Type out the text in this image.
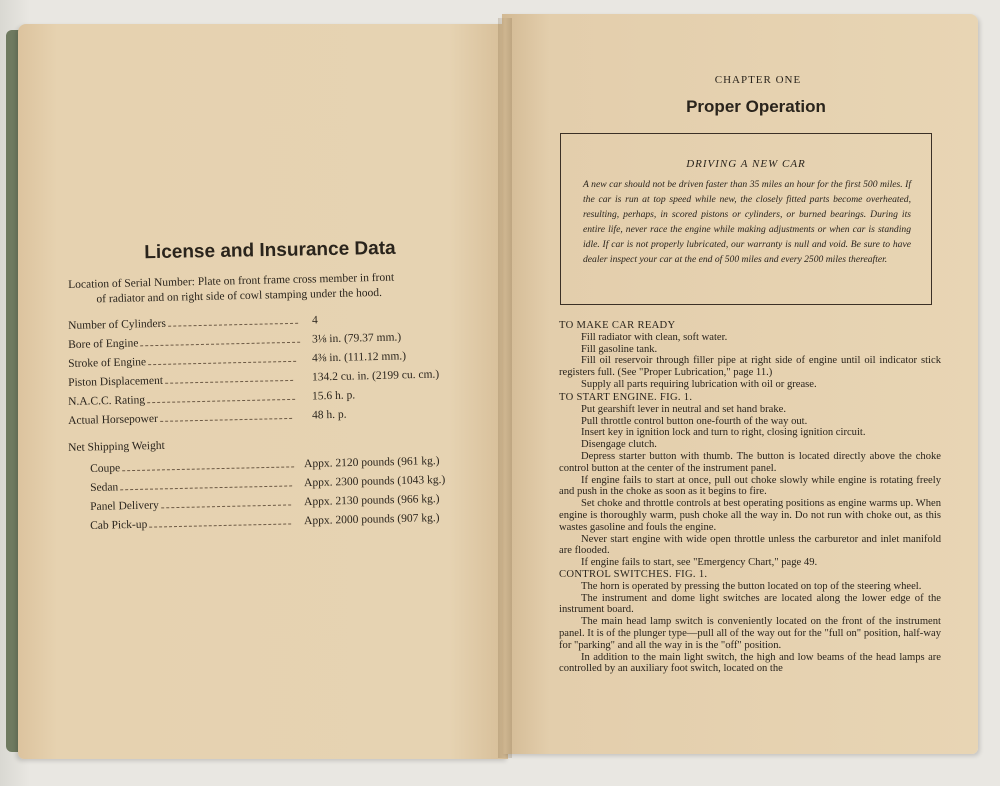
License and Insurance Data
Location of Serial Number: Plate on front frame cross member in front
of radiator and on right side of cowl stamping under the hood.
Number of Cylinders	4
Bore of Engine	3⅛ in. (79.37 mm.)
Stroke of Engine	4⅜ in. (111.12 mm.)
Piston Displacement	134.2 cu. in. (2199 cu. cm.)
N.A.C.C. Rating	15.6 h. p.
Actual Horsepower	48 h. p.
Net Shipping Weight
Coupe	Appx. 2120 pounds (961 kg.)
Sedan	Appx. 2300 pounds (1043 kg.)
Panel Delivery	Appx. 2130 pounds (966 kg.)
Cab Pick-up	Appx. 2000 pounds (907 kg.)
CHAPTER ONE
Proper Operation
DRIVING A NEW CAR
A new car should not be driven faster than 35 miles an hour for the first 500 miles. If the car is run at top speed while new, the closely fitted parts become overheated, resulting, perhaps, in scored pistons or cylinders, or burned bearings. During its entire life, never race the engine while making adjustments or when car is standing idle. If car is not properly lubricated, our warranty is null and void. Be sure to have dealer inspect your car at the end of 500 miles and every 2500 miles thereafter.
TO MAKE CAR READY
Fill radiator with clean, soft water.
Fill gasoline tank.
Fill oil reservoir through filler pipe at right side of engine until oil indicator stick registers full. (See "Proper Lubrication," page 11.)
Supply all parts requiring lubrication with oil or grease.
TO START ENGINE. FIG. 1.
Put gearshift lever in neutral and set hand brake.
Pull throttle control button one-fourth of the way out.
Insert key in ignition lock and turn to right, closing ignition circuit.
Disengage clutch.
Depress starter button with thumb. The button is located directly above the choke control button at the center of the instrument panel.
If engine fails to start at once, pull out choke slowly while engine is rotating freely and push in the choke as soon as it begins to fire.
Set choke and throttle controls at best operating positions as engine warms up. When engine is thoroughly warm, push choke all the way in. Do not run with choke out, as this wastes gasoline and fouls the engine.
Never start engine with wide open throttle unless the carburetor and inlet manifold are flooded.
If engine fails to start, see "Emergency Chart," page 49.
CONTROL SWITCHES. FIG. 1.
The horn is operated by pressing the button located on top of the steering wheel.
The instrument and dome light switches are located along the lower edge of the instrument board.
The main head lamp switch is conveniently located on the front of the instrument panel. It is of the plunger type—pull all of the way out for the "full on" position, half-way for "parking" and all the way in is the "off" position.
In addition to the main light switch, the high and low beams of the head lamps are controlled by an auxiliary foot switch, located on the
